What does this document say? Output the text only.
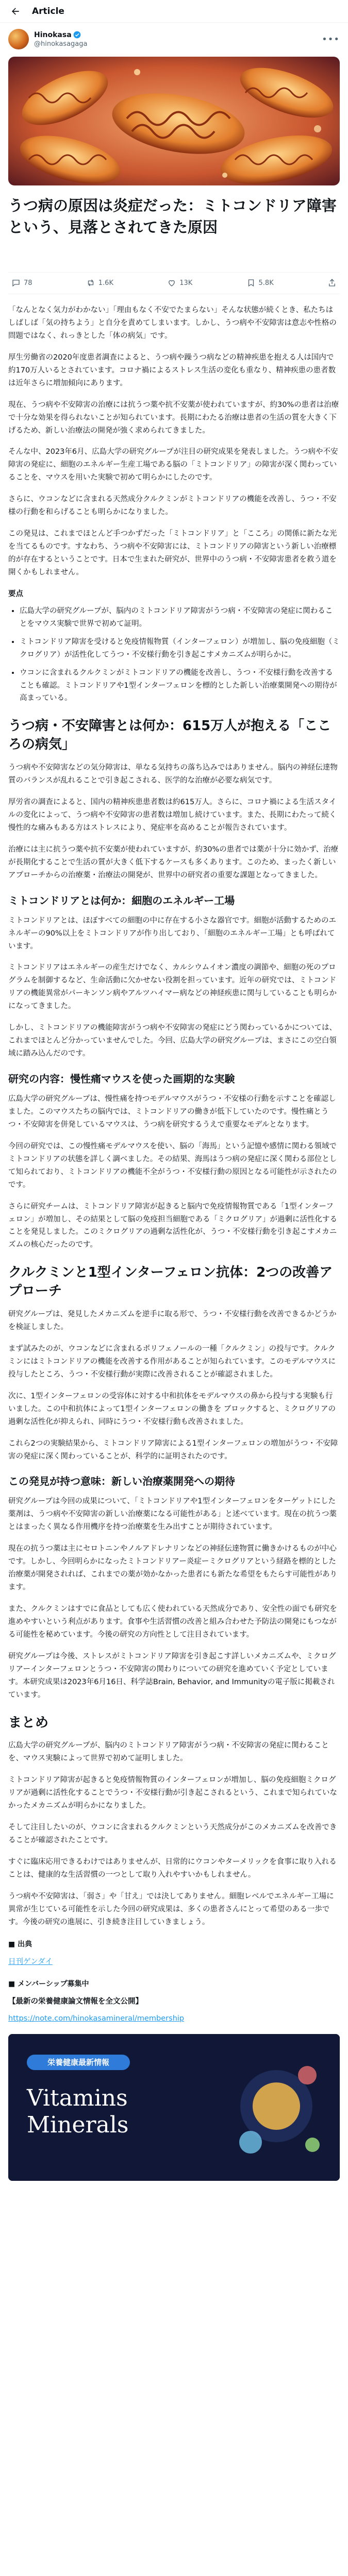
Article
Hinokasa
@hinokasagaga	•••
うつ病の原因は炎症だった：ミトコンドリア障害という、見落とされてきた原因
78	1.6K	13K	5.8K

「なんとなく気力がわかない」「理由もなく不安でたまらない」そんな状態が続くとき、私たちはしばしば「気の持ちよう」と自分を責めてしまいます。しかし、うつ病や不安障害は意志や性格の問題ではなく、れっきとした「体の病気」です。

厚生労働省の2020年度患者調査によると、うつ病や躁うつ病などの精神疾患を抱える人は国内で約170万人いるとされています。コロナ禍によるストレス生活の変化も重なり、精神疾患の患者数は近年さらに増加傾向にあります。

現在、うつ病や不安障害の治療には抗うつ薬や抗不安薬が使われていますが、約30%の患者は治療で十分な効果を得られないことが知られています。長期にわたる治療は患者の生活の質を大きく下げるため、新しい治療法の開発が強く求められてきました。

そんな中、2023年6月、広島大学の研究グループが注目の研究成果を発表しました。うつ病や不安障害の発症に、細胞のエネルギー生産工場である脳の「ミトコンドリア」の障害が深く関わっていることを、マウスを用いた実験で初めて明らかにしたのです。

さらに、ウコンなどに含まれる天然成分クルクミンがミトコンドリアの機能を改善し、うつ・不安様の行動を和らげることも明らかになりました。

この発見は、これまでほとんど手つかずだった「ミトコンドリア」と「こころ」の関係に新たな光を当てるものです。すなわち、うつ病や不安障害には、ミトコンドリアの障害という新しい治療標的が存在するということです。日本で生まれた研究が、世界中のうつ病・不安障害患者を救う道を開くかもしれません。

要点
• 広島大学の研究グループが、脳内のミトコンドリア障害がうつ病・不安障害の発症に関わることをマウス実験で世界で初めて証明。
• ミトコンドリア障害を受けると免疫情報物質（インターフェロン）が増加し、脳の免疫細胞（ミクログリア）が活性化してうつ・不安様行動を引き起こすメカニズムが明らかに。
• ウコンに含まれるクルクミンがミトコンドリアの機能を改善し、うつ・不安様行動を改善することも確認。ミトコンドリアや1型インターフェロンを標的とした新しい治療薬開発への期待が高まっている。
うつ病・不安障害とは何か：615万人が抱える「こころの病気」

うつ病や不安障害などの気分障害は、単なる気持ちの落ち込みではありません。脳内の神経伝達物質のバランスが乱れることで引き起こされる、医学的な治療が必要な病気です。

厚労省の調査によると、国内の精神疾患患者数は約615万人。さらに、コロナ禍による生活スタイルの変化によって、うつ病や不安障害の患者数は増加し続けています。また、長期にわたって続く慢性的な痛みもある方はストレスにより、発症率を高めることが報告されています。

治療には主に抗うつ薬や抗不安薬が使われていますが、約30%の患者では薬が十分に効かず、治療が長期化することで生活の質が大きく低下するケースも多くあります。このため、まったく新しいアプローチからの治療薬・治療法の開発が、世界中の研究者の重要な課題となってきました。

ミトコンドリアとは何か：細胞のエネルギー工場

ミトコンドリアとは、ほぼすべての細胞の中に存在する小さな器官です。細胞が活動するためのエネルギーの90%以上をミトコンドリアが作り出しており、「細胞のエネルギー工場」とも呼ばれています。

ミトコンドリアはエネルギーの産生だけでなく、カルシウムイオン濃度の調節や、細胞の死のプログラムを制御するなど、生命活動に欠かせない役割を担っています。近年の研究では、ミトコンドリアの機能異常がパーキンソン病やアルツハイマー病などの神経疾患に関与していることも明らかになってきました。

しかし、ミトコンドリアの機能障害がうつ病や不安障害の発症にどう関わっているかについては、これまでほとんど分かっていませんでした。今回、広島大学の研究グループは、まさにこの空白領域に踏み込んだのです。

研究の内容：慢性痛マウスを使った画期的な実験

広島大学の研究グループは、慢性痛を持つモデルマウスがうつ・不安様の行動を示すことを確認しました。このマウスたちの脳内では、ミトコンドリアの働きが低下していたのです。慢性痛とうつ・不安障害を併発しているマウスは、うつ病を研究するうえで重要なモデルとなります。

今回の研究では、この慢性痛モデルマウスを使い、脳の「海馬」という記憶や感情に関わる領域でミトコンドリアの状態を詳しく調べました。その結果、海馬はうつ病の発症に深く関わる部位として知られており、ミトコンドリアの機能不全がうつ・不安様行動の原因となる可能性が示されたのです。

さらに研究チームは、ミトコンドリア障害が起きると脳内で免疫情報物質である「1型インターフェロン」が増加し、その結果として脳の免疫担当細胞である「ミクログリア」が過剰に活性化することを発見しました。このミクログリアの過剰な活性化が、うつ・不安様行動を引き起こすメカニズムの核心だったのです。

クルクミンと1型インターフェロン抗体：2つの改善アプローチ

研究グループは、発見したメカニズムを逆手に取る形で、うつ・不安様行動を改善できるかどうかを検証しました。

まず試みたのが、ウコンなどに含まれるポリフェノールの一種「クルクミン」の投与です。クルクミンにはミトコンドリアの機能を改善する作用があることが知られています。このモデルマウスに投与したところ、うつ・不安様行動が実際に改善されることが確認されました。

次に、1型インターフェロンの受容体に対する中和抗体をモデルマウスの鼻から投与する実験も行いました。この中和抗体によって1型インターフェロンの働きを ブロックすると、ミクログリアの過剰な活性化が抑えられ、同時にうつ・不安様行動も改善されました。

これら2つの実験結果から、ミトコンドリア障害による1型インターフェロンの増加がうつ・不安障害の発症に深く関わっていることが、科学的に証明されたのです。

この発見が持つ意味：新しい治療薬開発への期待

研究グループは今回の成果について、「ミトコンドリアや1型インターフェロンをターゲットにした薬剤は、うつ病や不安障害の新しい治療薬になる可能性がある」と述べています。現在の抗うつ薬とはまったく異なる作用機序を持つ治療薬を生み出すことが期待されています。

現在の抗うつ薬は主にセロトニンやノルアドレナリンなどの神経伝達物質に働きかけるものが中心です。しかし、今回明らかになったミトコンドリアー炎症ーミクログリアという経路を標的とした治療薬が開発されれば、これまでの薬が効かなかった患者にも新たな希望をもたらす可能性があります。

また、クルクミンはすでに食品としても広く使われている天然成分であり、安全性の面でも研究を進めやすいという利点があります。食事や生活習慣の改善と組み合わせた予防法の開発にもつながる可能性を秘めています。今後の研究の方向性として注目されています。

研究グループは今後、ストレスがミトコンドリア障害を引き起こす詳しいメカニズムや、ミクログリアーインターフェロンとうつ・不安障害の関わりについての研究を進めていく予定としています。本研究成果は2023年6月16日、科学誌Brain, Behavior, and Immunityの電子版に掲載されています。

まとめ

広島大学の研究グループが、脳内のミトコンドリア障害がうつ病・不安障害の発症に関わることを、マウス実験によって世界で初めて証明しました。

ミトコンドリア障害が起きると免疫情報物質のインターフェロンが増加し、脳の免疫細胞ミクログリアが過剰に活性化することでうつ・不安様行動が引き起こされるという、これまで知られていなかったメカニズムが明らかになりました。

そして注目したいのが、ウコンに含まれるクルクミンという天然成分がこのメカニズムを改善できることが確認されたことです。

すぐに臨床応用できるわけではありませんが、日常的にウコンやターメリックを食事に取り入れることは、健康的な生活習慣の一つとして取り入れやすいかもしれません。

うつ病や不安障害は、「弱さ」や「甘え」では決してありません。細胞レベルでエネルギー工場に異常が生じている可能性を示した今回の研究成果は、多くの患者さんにとって希望のある一歩です。今後の研究の進展に、引き続き注目していきましょう。

■ 出典

日刊ゲンダイ

■ メンバーシップ募集中

【最新の栄養健康論文情報を全文公開】

https://note.com/hinokasamineral/membership

栄養健康最新情報
Vitamins
Minerals
